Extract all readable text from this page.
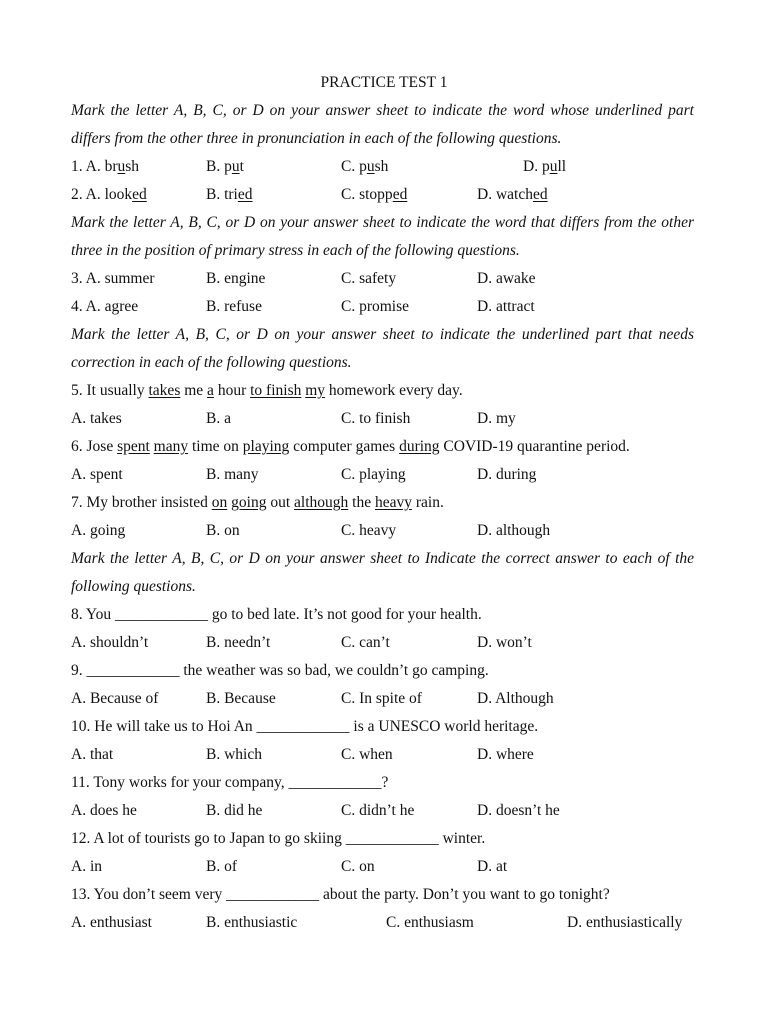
PRACTICE TEST 1
Mark the letter A, B, C, or D on your answer sheet to indicate the word whose underlined part
differs from the other three in pronunciation in each of the following questions.
1. A. brush	B. put	C. push	D. pull
2. A. looked	B. tried	C. stopped	D. watched
Mark the letter A, B, C, or D on your answer sheet to indicate the word that differs from the other
three in the position of primary stress in each of the following questions.
3. A. summer	B. engine	C. safety	D. awake
4. A. agree	B. refuse	C. promise	D. attract
Mark the letter A, B, C, or D on your answer sheet to indicate the underlined part that needs
correction in each of the following questions.
5. It usually takes me a hour to finish my homework every day.
A. takes	B. a	C. to finish	D. my
6. Jose spent many time on playing computer games during COVID-19 quarantine period.
A. spent	B. many	C. playing	D. during
7. My brother insisted on going out although the heavy rain.
A. going	B. on	C. heavy	D. although
Mark the letter A, B, C, or D on your answer sheet to Indicate the correct answer to each of the
following questions.
8. You ____________ go to bed late. It’s not good for your health.
A. shouldn’t	B. needn’t	C. can’t	D. won’t
9. ____________ the weather was so bad, we couldn’t go camping.
A. Because of	B. Because	C. In spite of	D. Although
10. He will take us to Hoi An ____________ is a UNESCO world heritage.
A. that	B. which	C. when	D. where
11. Tony works for your company, ____________?
A. does he	B. did he	C. didn’t he	D. doesn’t he
12. A lot of tourists go to Japan to go skiing ____________ winter.
A. in	B. of	C. on	D. at
13. You don’t seem very ____________ about the party. Don’t you want to go tonight?
A. enthusiast	B. enthusiastic	C. enthusiasm	D. enthusiastically
